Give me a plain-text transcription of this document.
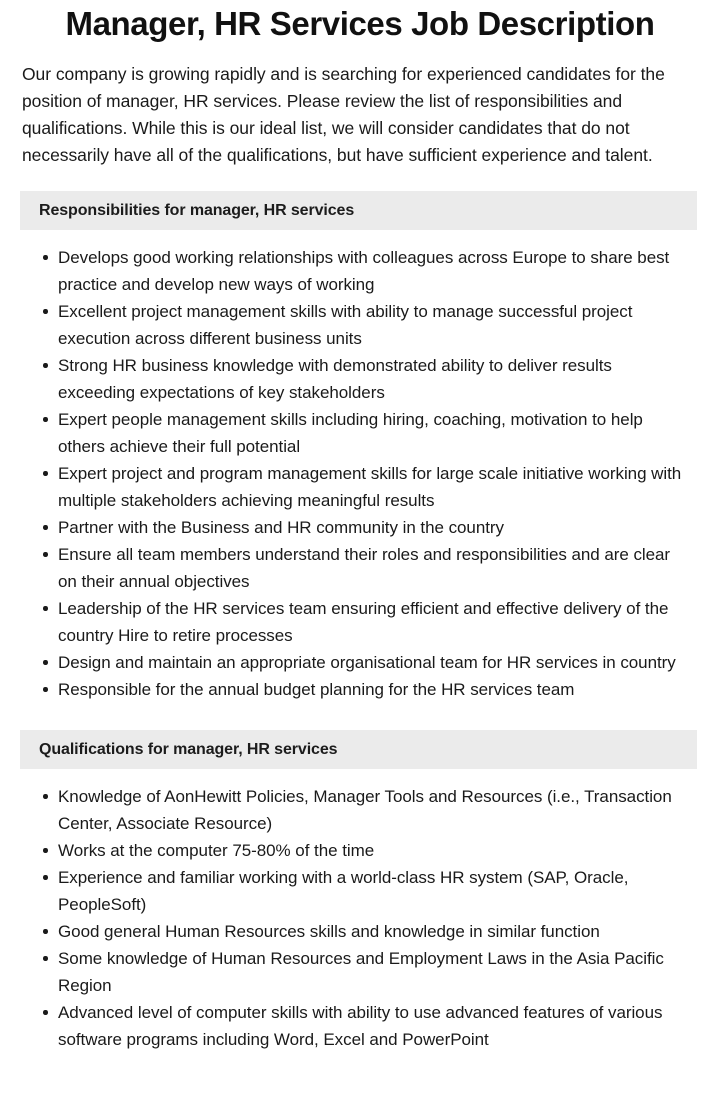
Manager, HR Services Job Description

Our company is growing rapidly and is searching for experienced candidates for the position of manager, HR services. Please review the list of responsibilities and qualifications. While this is our ideal list, we will consider candidates that do not necessarily have all of the qualifications, but have sufficient experience and talent.

Responsibilities for manager, HR services
Develops good working relationships with colleagues across Europe to share best practice and develop new ways of working
Excellent project management skills with ability to manage successful project execution across different business units
Strong HR business knowledge with demonstrated ability to deliver results exceeding expectations of key stakeholders
Expert people management skills including hiring, coaching, motivation to help others achieve their full potential
Expert project and program management skills for large scale initiative working with multiple stakeholders achieving meaningful results
Partner with the Business and HR community in the country
Ensure all team members understand their roles and responsibilities and are clear on their annual objectives
Leadership of the HR services team ensuring efficient and effective delivery of the country Hire to retire processes
Design and maintain an appropriate organisational team for HR services in country
Responsible for the annual budget planning for the HR services team
Qualifications for manager, HR services
Knowledge of AonHewitt Policies, Manager Tools and Resources (i.e., Transaction Center, Associate Resource)
Works at the computer 75-80% of the time
Experience and familiar working with a world-class HR system (SAP, Oracle, PeopleSoft)
Good general Human Resources skills and knowledge in similar function
Some knowledge of Human Resources and Employment Laws in the Asia Pacific Region
Advanced level of computer skills with ability to use advanced features of various software programs including Word, Excel and PowerPoint
